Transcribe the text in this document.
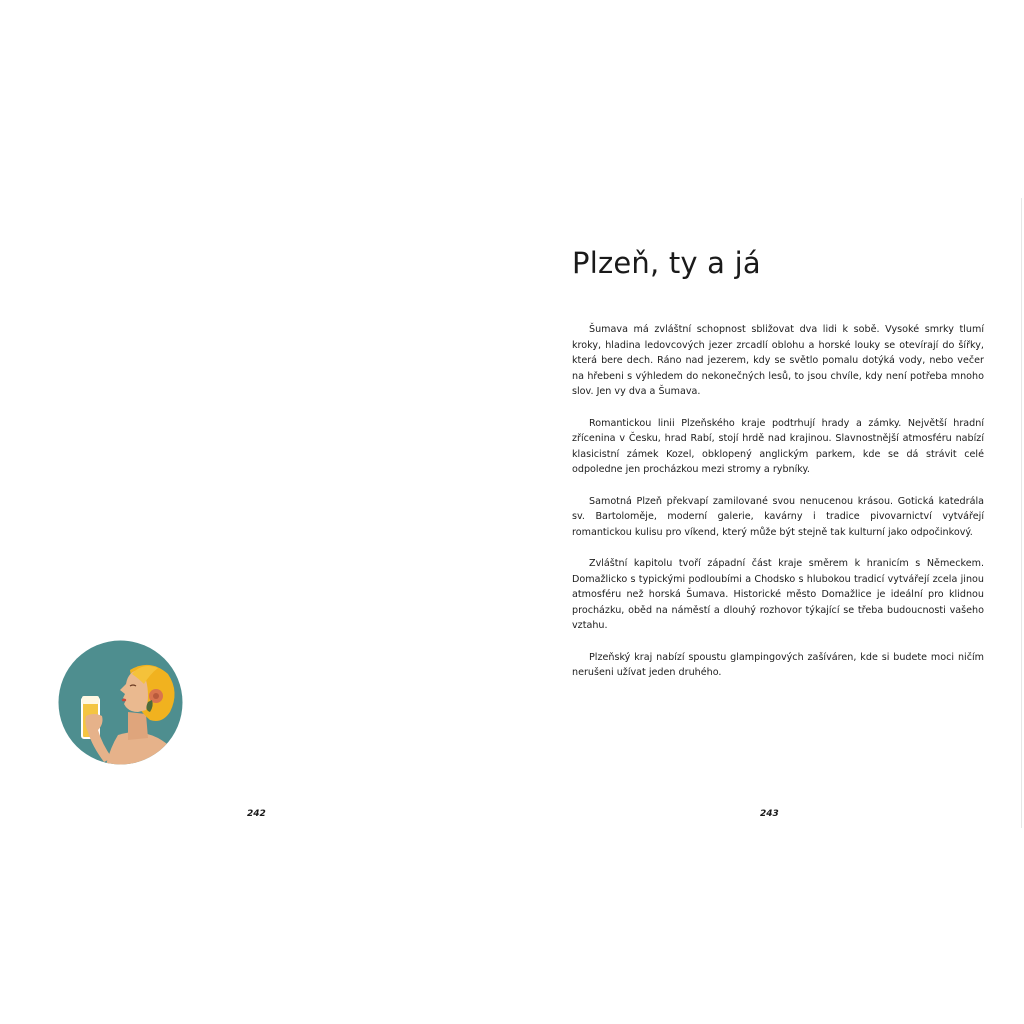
Plzeň, ty a já

Šumava má zvláštní schopnost sbližovat dva lidi k sobě. Vysoké smrky tlumí kroky, hladina ledovcových jezer zrcadlí oblohu a horské louky se otevírají do šířky, která bere dech. Ráno nad jezerem, kdy se světlo pomalu dotýká vody, nebo večer na hřebeni s výhledem do nekonečných lesů, to jsou chvíle, kdy není potřeba mnoho slov. Jen vy dva a Šumava.

Romantickou linii Plzeňského kraje podtrhují hrady a zámky. Největší hradní zřícenina v Česku, hrad Rabí, stojí hrdě nad krajinou. Slavnostnější atmosféru nabízí klasicistní zámek Kozel, obklopený anglickým parkem, kde se dá strávit celé odpoledne jen procházkou mezi stromy a rybníky.

Samotná Plzeň překvapí zamilované svou nenucenou krásou. Gotická katedrála sv. Bartoloměje, moderní galerie, kavárny i tradice pivovarnictví vytvářejí romantickou kulisu pro víkend, který může být stejně tak kulturní jako odpočinkový.

Zvláštní kapitolu tvoří západní část kraje směrem k hranicím s Německem. Domažlicko s typickými podloubími a Chodsko s hlubokou tradicí vytvářejí zcela jinou atmosféru než horská Šumava. Historické město Domažlice je ideální pro klidnou procházku, oběd na náměstí a dlouhý rozhovor týkající se třeba budoucnosti vašeho vztahu.

Plzeňský kraj nabízí spoustu glampingových zašíváren, kde si budete moci ničím nerušeni užívat jeden druhého.

242	243
